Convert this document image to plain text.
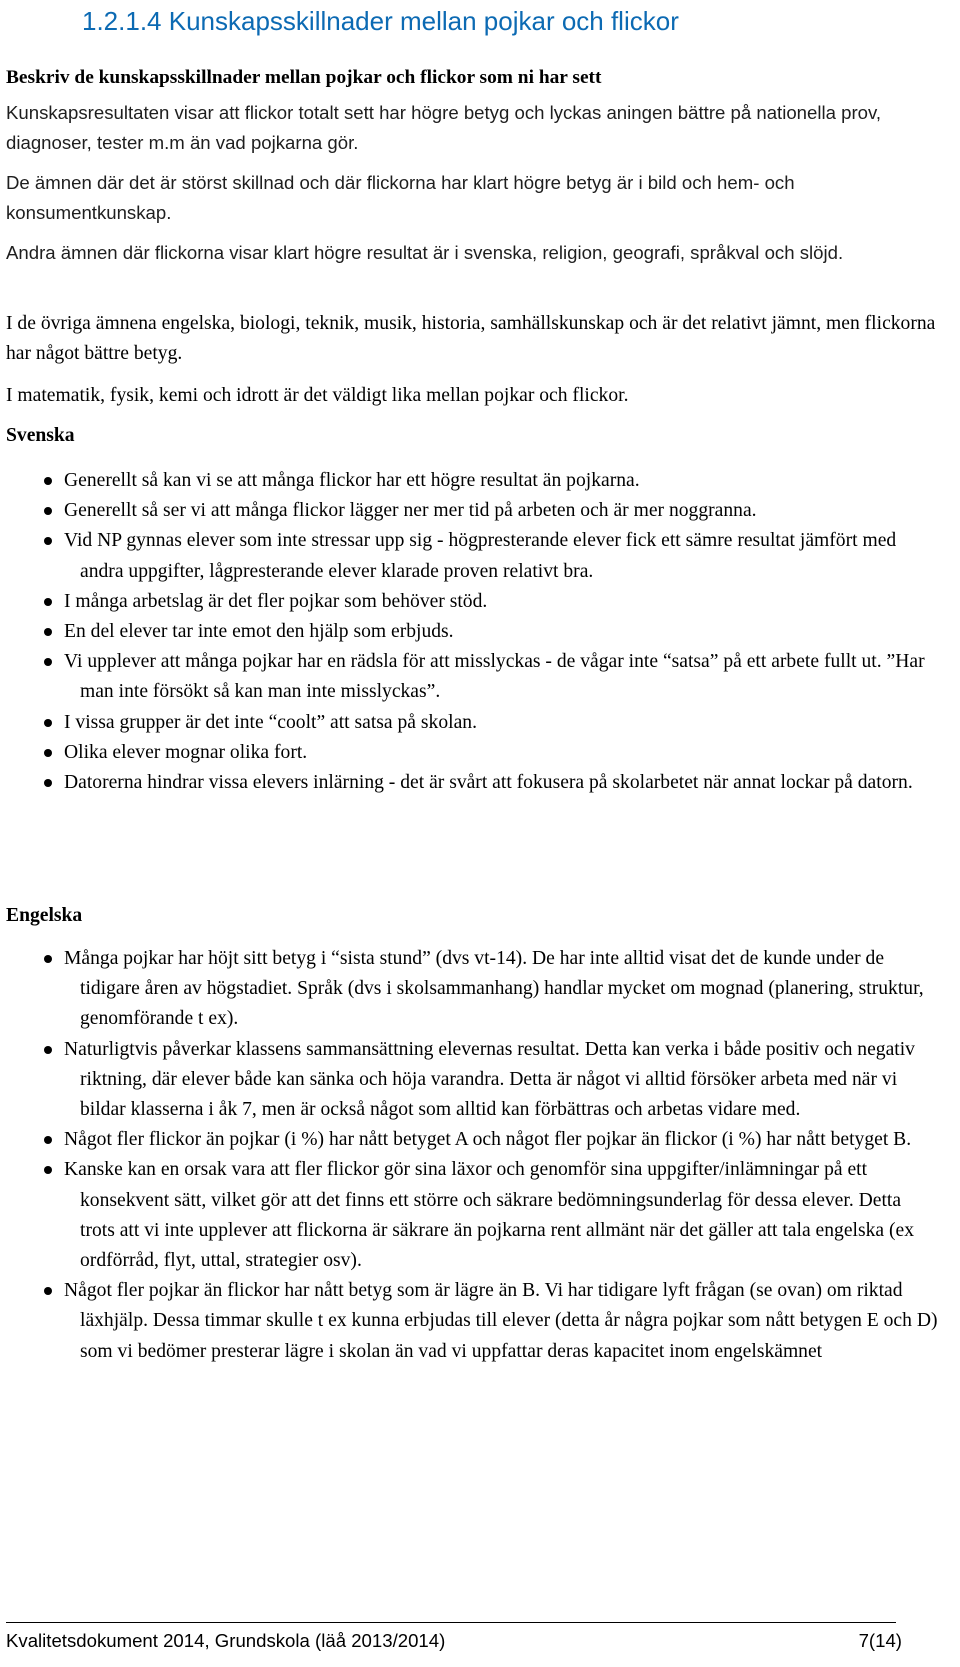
1.2.1.4 Kunskapsskillnader mellan pojkar och flickor
Beskriv de kunskapsskillnader mellan pojkar och flickor som ni har sett

Kunskapsresultaten visar att flickor totalt sett har högre betyg och lyckas aningen bättre på nationella prov, diagnoser, tester m.m än vad pojkarna gör.

De ämnen där det är störst skillnad och där flickorna har klart högre betyg är i bild och hem- och konsumentkunskap.

Andra ämnen där flickorna visar klart högre resultat är i svenska, religion, geografi, språkval och slöjd.

I de övriga ämnena engelska, biologi, teknik, musik, historia, samhällskunskap och är det relativt jämnt, men flickorna har något bättre betyg.

I matematik, fysik, kemi och idrott är det väldigt lika mellan pojkar och flickor.

Svenska
Generellt så kan vi se att många flickor har ett högre resultat än pojkarna.
Generellt så ser vi att många flickor lägger ner mer tid på arbeten och är mer noggranna.
Vid NP gynnas elever som inte stressar upp sig - högpresterande elever fick ett sämre resultat jämfört med andra uppgifter, lågpresterande elever klarade proven relativt bra.
I många arbetslag är det fler pojkar som behöver stöd.
En del elever tar inte emot den hjälp som erbjuds.
Vi upplever att många pojkar har en rädsla för att misslyckas - de vågar inte “satsa” på ett arbete fullt ut. ”Har man inte försökt så kan man inte misslyckas”.
I vissa grupper är det inte “coolt” att satsa på skolan.
Olika elever mognar olika fort.
Datorerna hindrar vissa elevers inlärning - det är svårt att fokusera på skolarbetet när annat lockar på datorn.
Engelska
Många pojkar har höjt sitt betyg i “sista stund” (dvs vt-14). De har inte alltid visat det de kunde under de tidigare åren av högstadiet. Språk (dvs i skolsammanhang) handlar mycket om mognad (planering, struktur, genomförande t ex).
Naturligtvis påverkar klassens sammansättning elevernas resultat. Detta kan verka i både positiv och negativ riktning, där elever både kan sänka och höja varandra. Detta är något vi alltid försöker arbeta med när vi bildar klasserna i åk 7, men är också något som alltid kan förbättras och arbetas vidare med.
Något fler flickor än pojkar (i %) har nått betyget A och något fler pojkar än flickor (i %) har nått betyget B.
Kanske kan en orsak vara att fler flickor gör sina läxor och genomför sina uppgifter/inlämningar på ett konsekvent sätt, vilket gör att det finns ett större och säkrare bedömningsunderlag för dessa elever. Detta trots att vi inte upplever att flickorna är säkrare än pojkarna rent allmänt när det gäller att tala engelska (ex ordförråd, flyt, uttal, strategier osv).
Något fler pojkar än flickor har nått betyg som är lägre än B. Vi har tidigare lyft frågan (se ovan) om riktad läxhjälp. Dessa timmar skulle t ex kunna erbjudas till elever (detta år några pojkar som nått betygen E och D) som vi bedömer presterar lägre i skolan än vad vi uppfattar deras kapacitet inom engelskämnet

Kvalitetsdokument 2014, Grundskola (läå 2013/2014)	7(14)
